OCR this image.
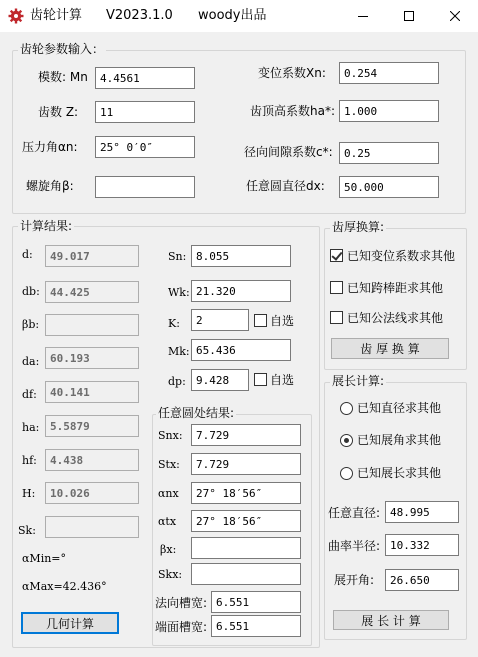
齿轮计算 V2023.1.0 woody出品
齿轮参数输入：
模数: Mn
4.4561
齿数 Z:
11
压力角αn:
25° 0′0″
螺旋角β:
变位系数Xn:
0.254
齿顶高系数ha*:
1.000
径向间隙系数c*:
0.25
任意圆直径dx:
50.000
计算结果:
d:
49.017
db:
44.425
βb:
da:
60.193
df:
40.141
ha:
5.5879
hf:
4.438
H:
10.026
Sk:
αMin=°
αMax=42.436°
几何计算
Sn:
8.055
Wk:
21.320
K:
2	自选
Mk:
65.436
dp:
9.428	自选
任意圆处结果:
Snx:
7.729
Stx:
7.729
αnx
27° 18′56″
αtx
27° 18′56″
βx:
Skx:
法向槽宽:
6.551
端面槽宽:
6.551
齿厚换算:
已知变位系数求其他
已知跨棒距求其他
已知公法线求其他
齿 厚 换 算
展长计算:
已知直径求其他
已知展角求其他
已知展长求其他
任意直径:
48.995
曲率半径:
10.332
展开角:
26.650
展 长 计 算
